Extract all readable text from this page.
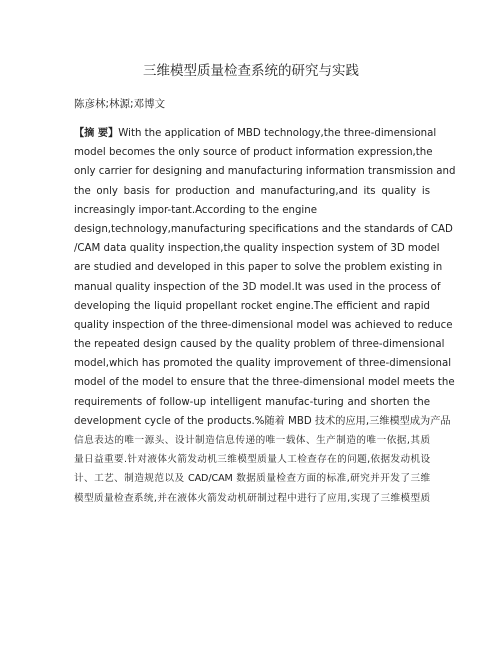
三维模型质量检查系统的研究与实践
陈彦林;林源;邓博文
【摘 要】With the application of MBD technology,the three-dimensional
model becomes the only source of product information expression,the
only carrier for designing and manufacturing information transmission and
the only basis for production and manufacturing,and its quality is
increasingly impor-tant.According to the engine
design,technology,manufacturing specifications and the standards of CAD
/CAM data quality inspection,the quality inspection system of 3D model
are studied and developed in this paper to solve the problem existing in
manual quality inspection of the 3D model.It was used in the process of
developing the liquid propellant rocket engine.The efficient and rapid
quality inspection of the three-dimensional model was achieved to reduce
the repeated design caused by the quality problem of three-dimensional
model,which has promoted the quality improvement of three-dimensional
model of the model to ensure that the three-dimensional model meets the
requirements of follow-up intelligent manufac-turing and shorten the
development cycle of the products.%随着 MBD 技术的应用,三维模型成为产品
信息表达的唯一源头、设计制造信息传递的唯一载体、生产制造的唯一依据,其质
量日益重要.针对液体火箭发动机三维模型质量人工检查存在的问题,依据发动机设
计、工艺、制造规范以及 CAD/CAM 数据质量检查方面的标准,研究并开发了三维
模型质量检查系统,并在液体火箭发动机研制过程中进行了应用,实现了三维模型质
